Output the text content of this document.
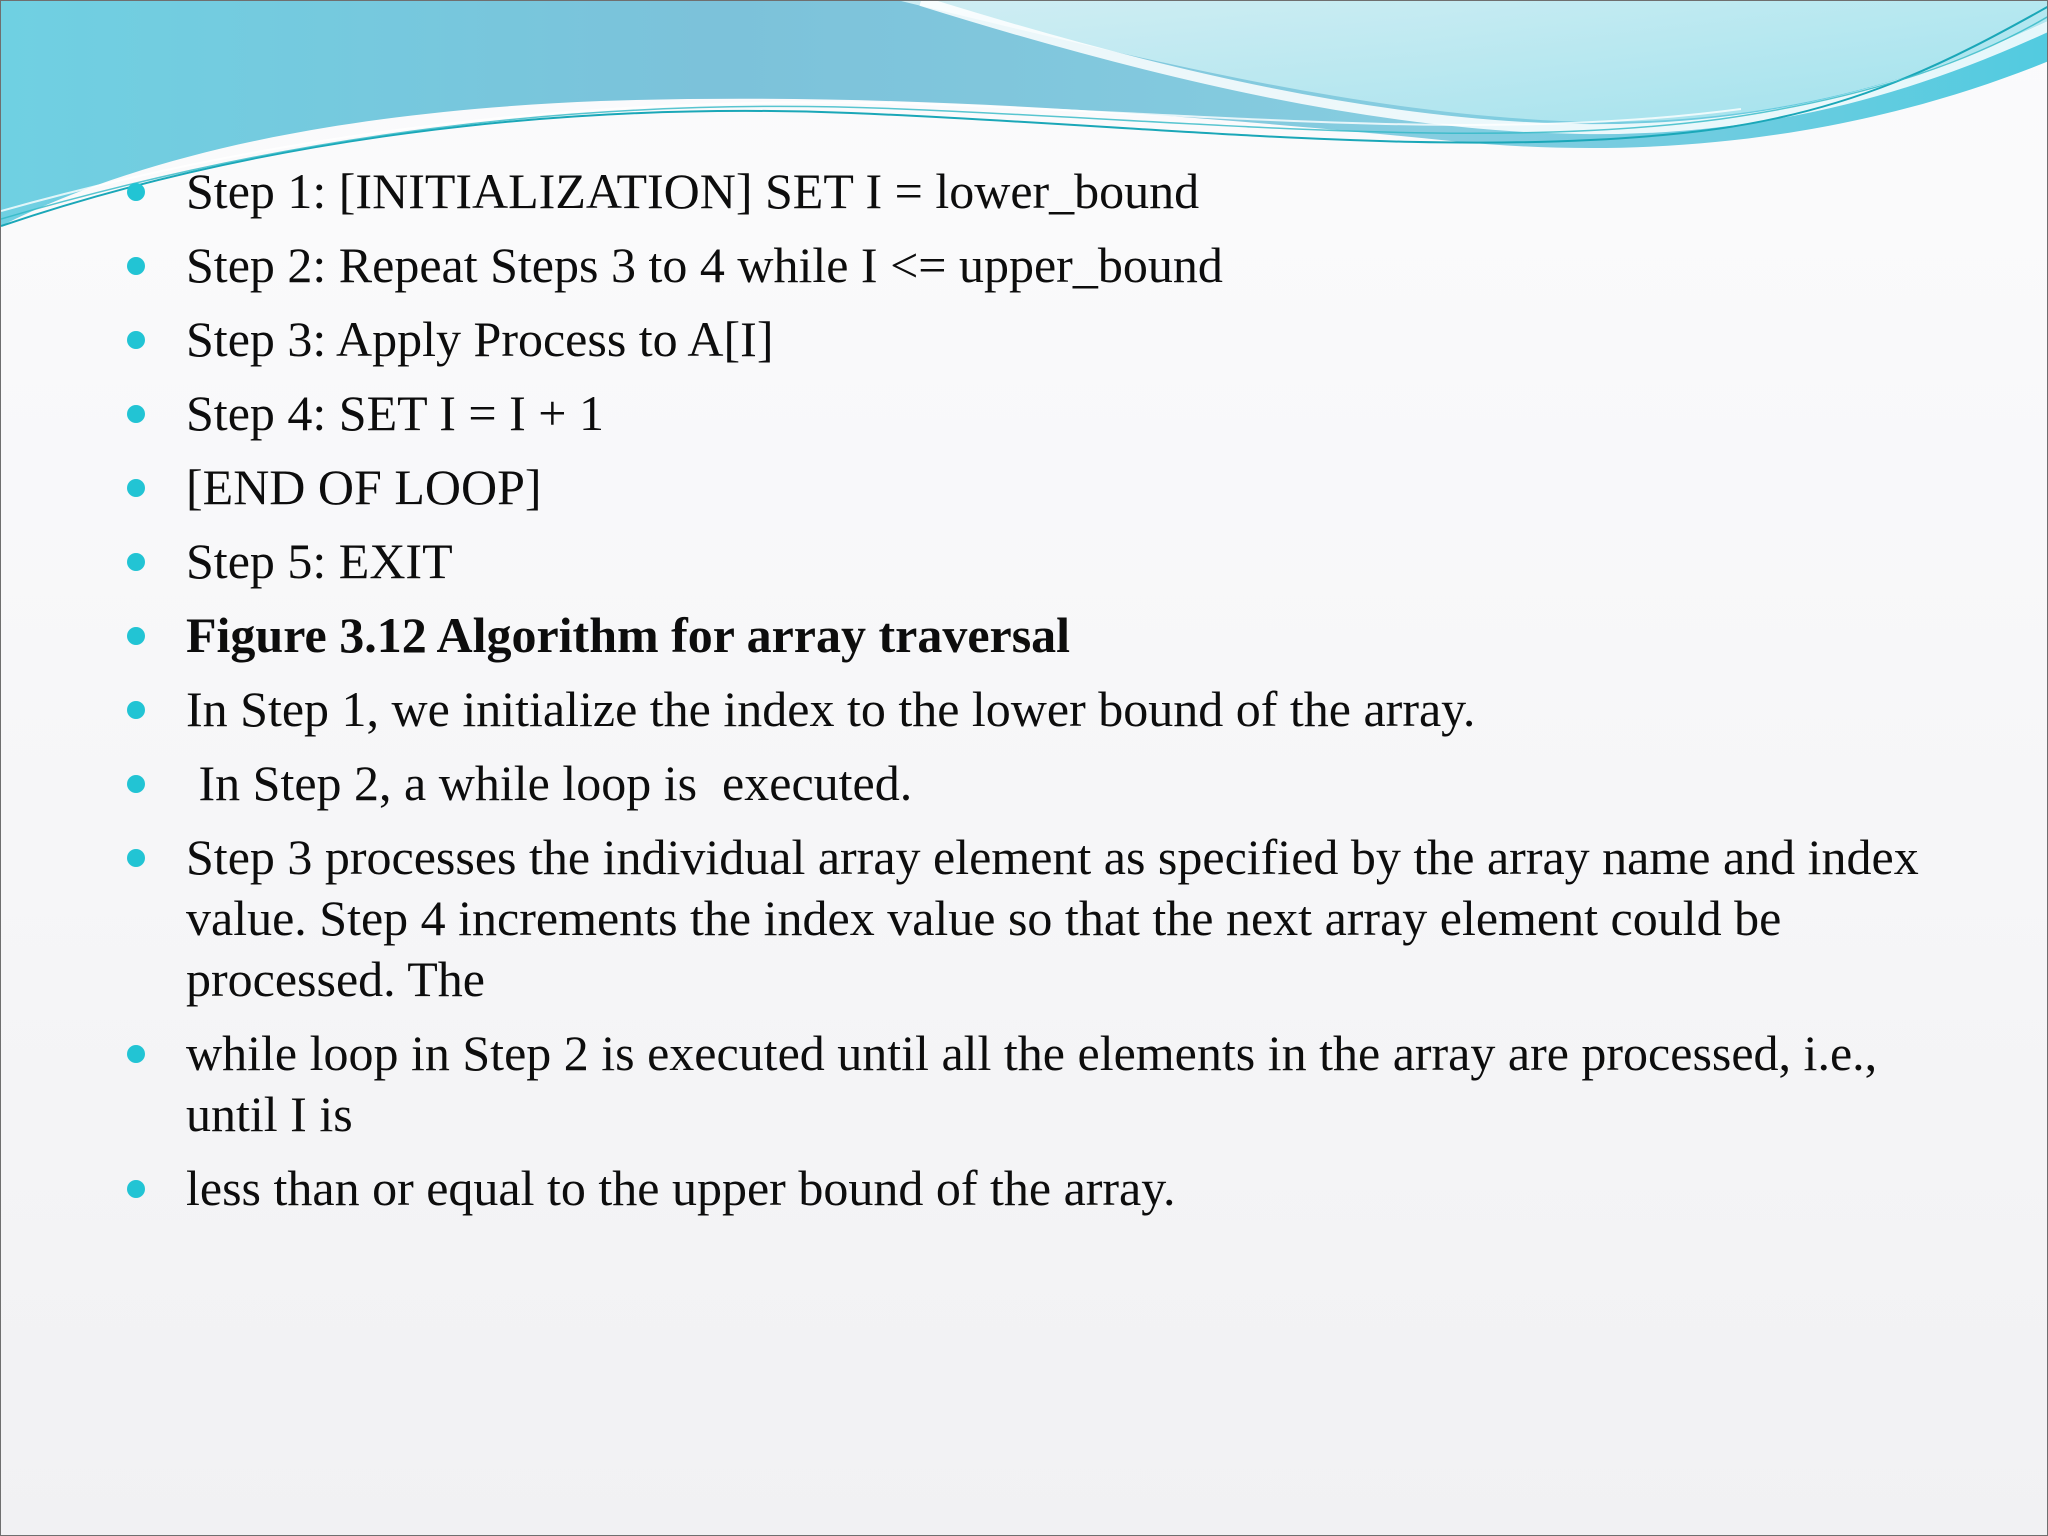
Step 1: [INITIALIZATION] SET I = lower_bound
Step 2: Repeat Steps 3 to 4 while I <= upper_bound
Step 3: Apply Process to A[I]
Step 4: SET I = I + 1
[END OF LOOP]
Step 5: EXIT
Figure 3.12 Algorithm for array traversal
In Step 1, we initialize the index to the lower bound of the array.
In Step 2, a while loop is  executed.
Step 3 processes the individual array element as specified by the array name and index value. Step 4 increments the index value so that the next array element could be processed. The
while loop in Step 2 is executed until all the elements in the array are processed, i.e., until I is
less than or equal to the upper bound of the array.
